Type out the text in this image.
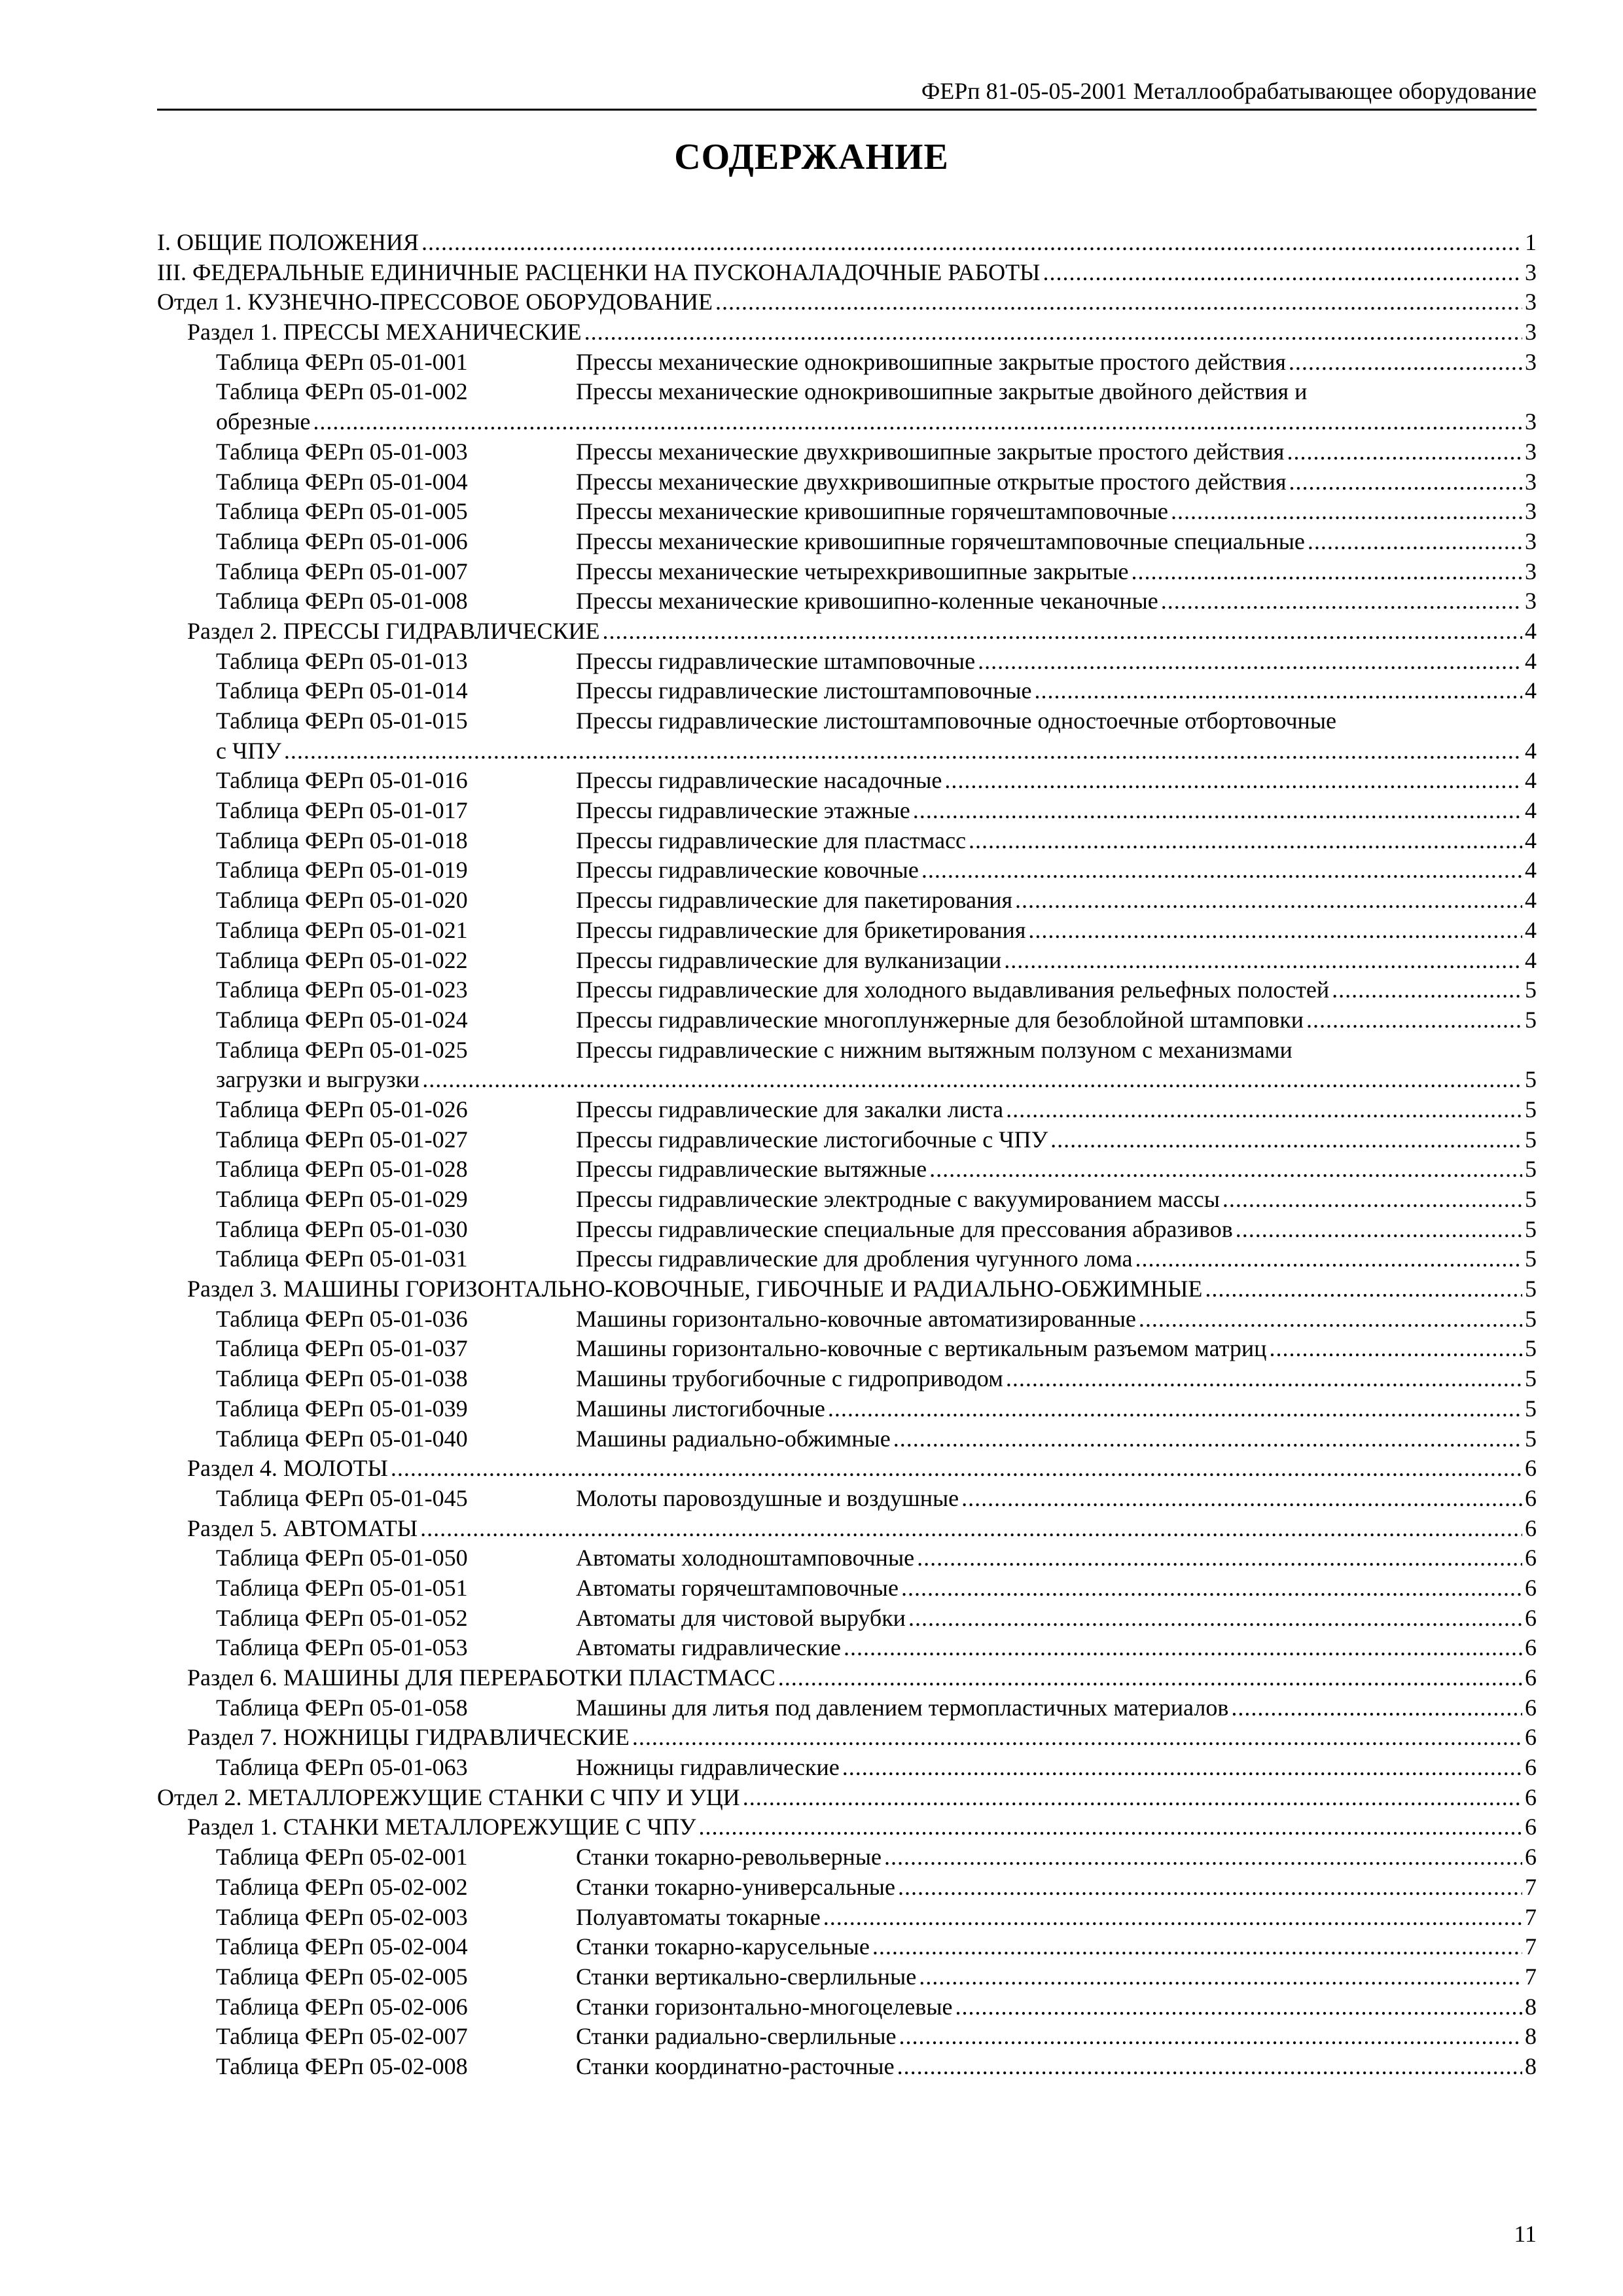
ФЕРп 81-05-05-2001 Металлообрабатывающее оборудование
СОДЕРЖАНИЕ
I. ОБЩИЕ ПОЛОЖЕНИЯ .....	1
III. ФЕДЕРАЛЬНЫЕ ЕДИНИЧНЫЕ РАСЦЕНКИ НА ПУСКОНАЛАДОЧНЫЕ РАБОТЫ .....	3
Отдел 1. КУЗНЕЧНО-ПРЕССОВОЕ ОБОРУДОВАНИЕ .....	3
Раздел 1. ПРЕССЫ МЕХАНИЧЕСКИЕ .....	3
Таблица ФЕРп 05-01-001	Прессы механические однокривошипные закрытые простого действия .....	3
Таблица ФЕРп 05-01-002	Прессы механические однокривошипные закрытые двойного действия и
обрезные .....	3
Таблица ФЕРп 05-01-003	Прессы механические двухкривошипные закрытые простого действия .....	3
Таблица ФЕРп 05-01-004	Прессы механические двухкривошипные открытые простого действия .....	3
Таблица ФЕРп 05-01-005	Прессы механические кривошипные горячештамповочные .....	3
Таблица ФЕРп 05-01-006	Прессы механические кривошипные горячештамповочные специальные .....	3
Таблица ФЕРп 05-01-007	Прессы механические четырехкривошипные закрытые .....	3
Таблица ФЕРп 05-01-008	Прессы механические кривошипно-коленные чеканочные .....	3
Раздел 2. ПРЕССЫ ГИДРАВЛИЧЕСКИЕ .....	4
Таблица ФЕРп 05-01-013	Прессы гидравлические штамповочные .....	4
Таблица ФЕРп 05-01-014	Прессы гидравлические листоштамповочные .....	4
Таблица ФЕРп 05-01-015	Прессы гидравлические листоштамповочные одностоечные отбортовочные
с ЧПУ .....	4
Таблица ФЕРп 05-01-016	Прессы гидравлические насадочные .....	4
Таблица ФЕРп 05-01-017	Прессы гидравлические этажные .....	4
Таблица ФЕРп 05-01-018	Прессы гидравлические для пластмасс .....	4
Таблица ФЕРп 05-01-019	Прессы гидравлические ковочные .....	4
Таблица ФЕРп 05-01-020	Прессы гидравлические для пакетирования .....	4
Таблица ФЕРп 05-01-021	Прессы гидравлические для брикетирования .....	4
Таблица ФЕРп 05-01-022	Прессы гидравлические для вулканизации .....	4
Таблица ФЕРп 05-01-023	Прессы гидравлические для холодного выдавливания рельефных полостей .....	5
Таблица ФЕРп 05-01-024	Прессы гидравлические многоплунжерные для безоблойной штамповки .....	5
Таблица ФЕРп 05-01-025	Прессы гидравлические с нижним вытяжным ползуном с механизмами
загрузки и выгрузки .....	5
Таблица ФЕРп 05-01-026	Прессы гидравлические для закалки листа .....	5
Таблица ФЕРп 05-01-027	Прессы гидравлические листогибочные с ЧПУ .....	5
Таблица ФЕРп 05-01-028	Прессы гидравлические вытяжные .....	5
Таблица ФЕРп 05-01-029	Прессы гидравлические электродные с вакуумированием массы .....	5
Таблица ФЕРп 05-01-030	Прессы гидравлические специальные для прессования абразивов .....	5
Таблица ФЕРп 05-01-031	Прессы гидравлические для дробления чугунного лома .....	5
Раздел 3. МАШИНЫ ГОРИЗОНТАЛЬНО-КОВОЧНЫЕ, ГИБОЧНЫЕ И РАДИАЛЬНО-ОБЖИМНЫЕ .....	5
Таблица ФЕРп 05-01-036	Машины горизонтально-ковочные автоматизированные .....	5
Таблица ФЕРп 05-01-037	Машины горизонтально-ковочные с вертикальным разъемом матриц .....	5
Таблица ФЕРп 05-01-038	Машины трубогибочные с гидроприводом .....	5
Таблица ФЕРп 05-01-039	Машины листогибочные .....	5
Таблица ФЕРп 05-01-040	Машины радиально-обжимные .....	5
Раздел 4. МОЛОТЫ .....	6
Таблица ФЕРп 05-01-045	Молоты паровоздушные и воздушные .....	6
Раздел 5. АВТОМАТЫ .....	6
Таблица ФЕРп 05-01-050	Автоматы холодноштамповочные .....	6
Таблица ФЕРп 05-01-051	Автоматы горячештамповочные .....	6
Таблица ФЕРп 05-01-052	Автоматы для чистовой вырубки .....	6
Таблица ФЕРп 05-01-053	Автоматы гидравлические .....	6
Раздел 6. МАШИНЫ ДЛЯ ПЕРЕРАБОТКИ ПЛАСТМАСС .....	6
Таблица ФЕРп 05-01-058	Машины для литья под давлением термопластичных материалов .....	6
Раздел 7. НОЖНИЦЫ ГИДРАВЛИЧЕСКИЕ .....	6
Таблица ФЕРп 05-01-063	Ножницы гидравлические .....	6
Отдел 2. МЕТАЛЛОРЕЖУЩИЕ СТАНКИ С ЧПУ И УЦИ .....	6
Раздел 1. СТАНКИ МЕТАЛЛОРЕЖУЩИЕ С ЧПУ .....	6
Таблица ФЕРп 05-02-001	Станки токарно-револьверные .....	6
Таблица ФЕРп 05-02-002	Станки токарно-универсальные .....	7
Таблица ФЕРп 05-02-003	Полуавтоматы токарные .....	7
Таблица ФЕРп 05-02-004	Станки токарно-карусельные .....	7
Таблица ФЕРп 05-02-005	Станки вертикально-сверлильные .....	7
Таблица ФЕРп 05-02-006	Станки горизонтально-многоцелевые .....	8
Таблица ФЕРп 05-02-007	Станки радиально-сверлильные .....	8
Таблица ФЕРп 05-02-008	Станки координатно-расточные .....	8
11
